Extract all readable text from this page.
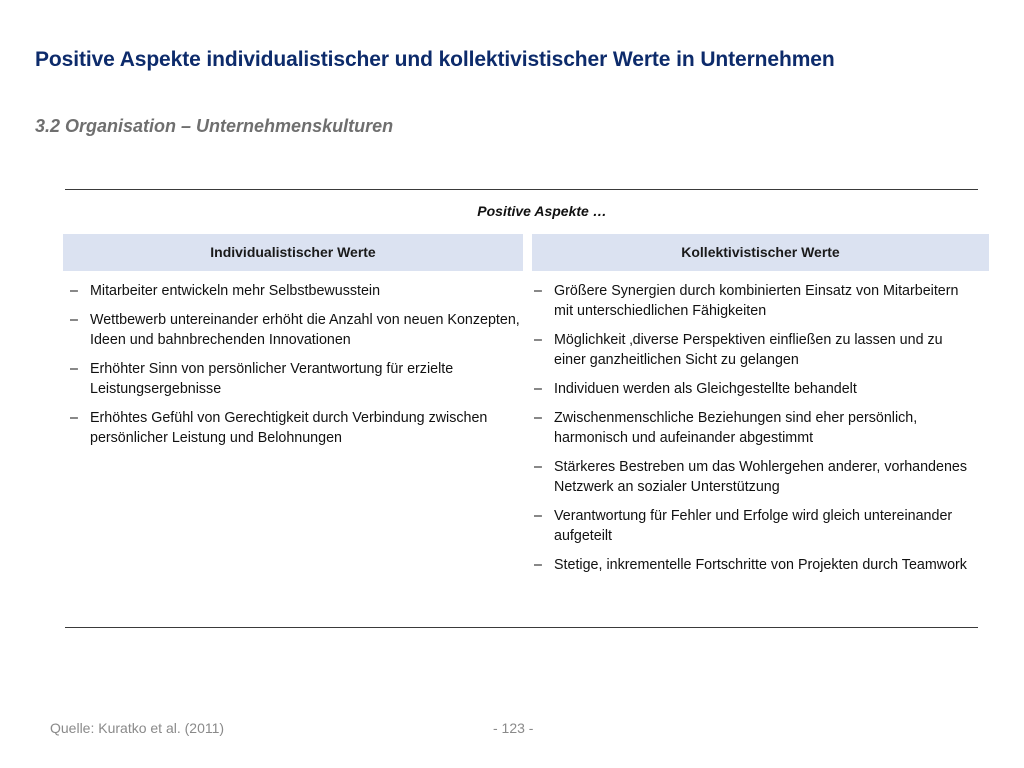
Positive Aspekte individualistischer und kollektivistischer Werte in Unternehmen
3.2 Organisation – Unternehmenskulturen
Positive Aspekte …
Individualistischer Werte	Kollektivistischer Werte
– Mitarbeiter entwickeln mehr Selbstbewusstein
– Wettbewerb untereinander erhöht die Anzahl von neuen Konzepten, Ideen und bahnbrechenden Innovationen
– Erhöhter Sinn von persönlicher Verantwortung für erzielte Leistungsergebnisse
– Erhöhtes Gefühl von Gerechtigkeit durch Verbindung zwischen persönlicher Leistung und Belohnungen
– Größere Synergien durch kombinierten Einsatz von Mitarbeitern mit unterschiedlichen Fähigkeiten
– Möglichkeit ‚diverse Perspektiven einfließen zu lassen und zu einer ganzheitlichen Sicht zu gelangen
– Individuen werden als Gleichgestellte behandelt
– Zwischenmenschliche Beziehungen sind eher persönlich, harmonisch und aufeinander abgestimmt
– Stärkeres Bestreben um das Wohlergehen anderer, vorhandenes Netzwerk an sozialer Unterstützung
– Verantwortung für Fehler und Erfolge wird gleich untereinander aufgeteilt
– Stetige, inkrementelle Fortschritte von Projekten durch Teamwork
Quelle: Kuratko et al. (2011)	- 123 -
